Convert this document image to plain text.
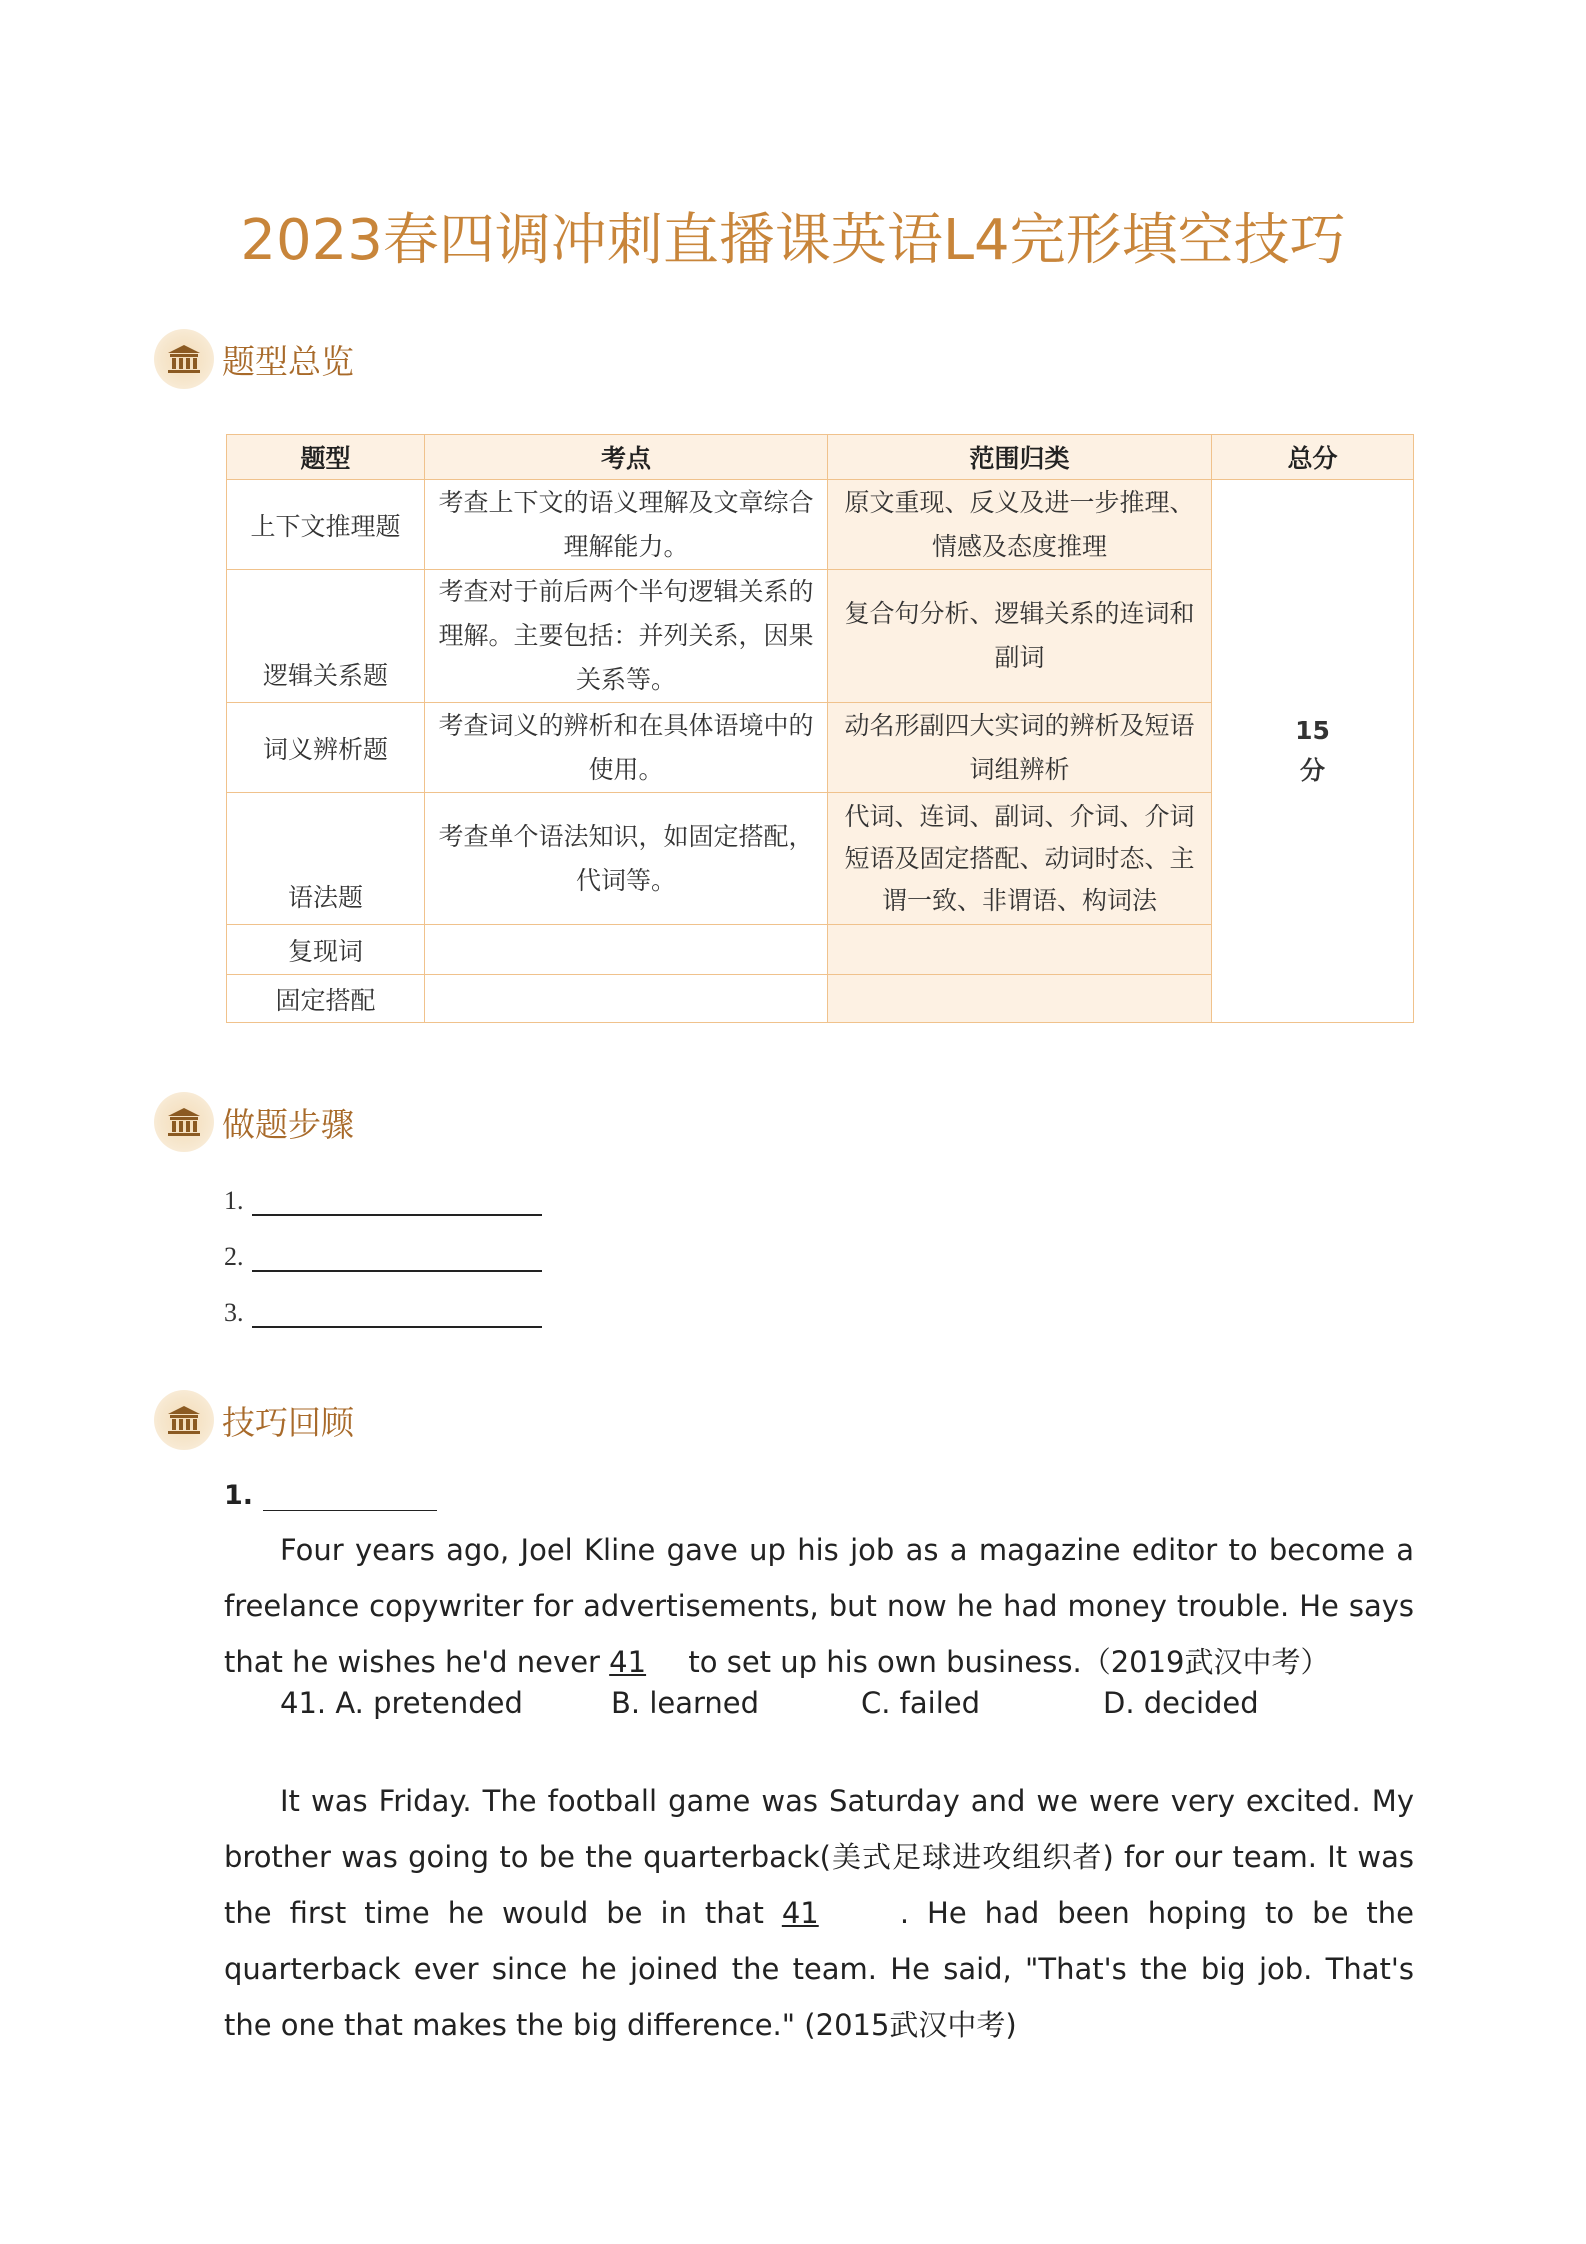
2023春四调冲刺直播课英语L4完形填空技巧
题型总览
题型	考点	范围归类	总分
上下文推理题	考查上下文的语义理解及文章综合理解能力。	原文重现、反义及进一步推理、情感及态度推理	15
分

逻辑关系题	考查对于前后两个半句逻辑关系的理解。主要包括：并列关系，因果关系等。	复合句分析、逻辑关系的连词和副词	
词义辨析题	考查词义的辨析和在具体语境中的使用。	动名形副四大实词的辨析及短语词组辨析	
语法题	考查单个语法知识，如固定搭配，代词等。	代词、连词、副词、介词、介词短语及固定搭配、动词时态、主谓一致、非谓语、构词法	
复现词			
固定搭配			
做题步骤
1.
2.
3.
技巧回顾
1.
Four years ago, Joel Kline gave up his job as a magazine editor to become a freelance copywriter for advertisements, but now he had money trouble. He says that he wishes he'd never 41 to set up his own business.（2019武汉中考）
41. A. pretended	B. learned	C. failed	D. decided
It was Friday. The football game was Saturday and we were very excited. My brother was going to be the quarterback(美式足球进攻组织者) for our team. It was the first time he would be in that 41	. He had been hoping to be the quarterback ever since he joined the team. He said, "That's the big job. That's the one that makes the big difference." (2015武汉中考)
